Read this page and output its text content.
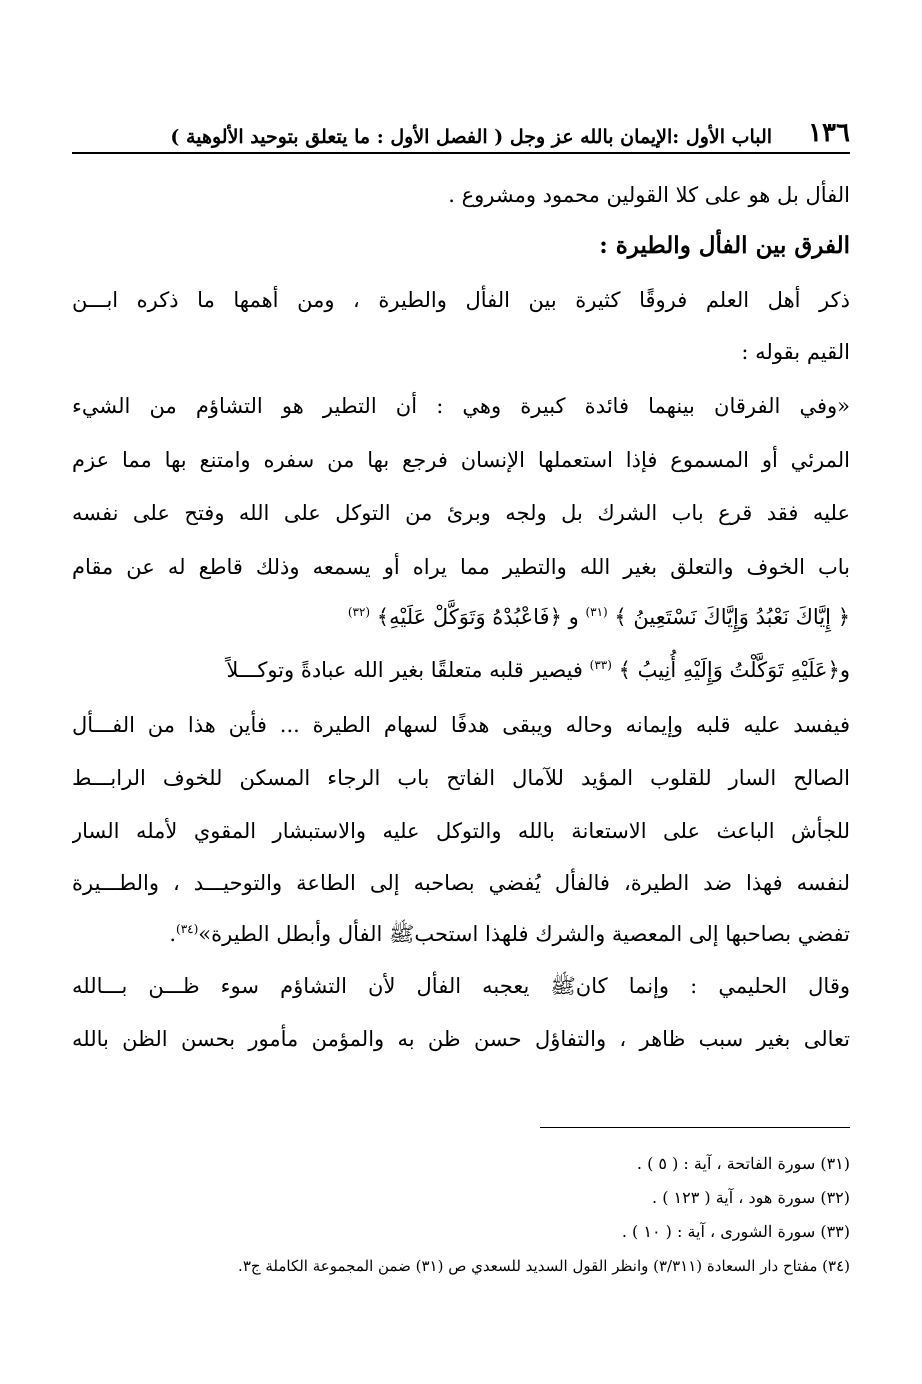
١٣٦
الباب الأول :الإيمان بالله عز وجل ( الفصل الأول : ما يتعلق بتوحيد الألوهية )
الفأل بل هو على كلا القولين محمود ومشروع .
الفرق بين الفأل والطيرة :
ذكر أهل العلم فروقًا كثيرة بين الفأل والطيرة ، ومن أهمها ما ذكره ابـــن
القيم بقوله :
«وفي الفرقان بينهما فائدة كبيرة وهي : أن التطير هو التشاؤم من الشيء
المرئي أو المسموع فإذا استعملها الإنسان فرجع بها من سفره وامتنع بها مما عزم
عليه فقد قرع باب الشرك بل ولجه وبرئ من التوكل على الله وفتح على نفسه
باب الخوف والتعلق بغير الله والتطير مما يراه أو يسمعه وذلك قاطع له عن مقام
﴿ إِيَّاكَ نَعْبُدُ وَإِيَّاكَ نَسْتَعِينُ ﴾ $^{(٣١)}$ و ﴿فَاعْبُدْهُ وَتَوَكَّلْ عَلَيْهِ﴾ $^{(٣٢)}$
و﴿عَلَيْهِ تَوَكَّلْتُ وَإِلَيْهِ أُنِيبُ ﴾ $^{(٣٣)}$ فيصير قلبه متعلقًا بغير الله عبادةً وتوكـــلاً
فيفسد عليه قلبه وإيمانه وحاله ويبقى هدفًا لسهام الطيرة ... فأين هذا من الفـــأل
الصالح السار للقلوب المؤيد للآمال الفاتح باب الرجاء المسكن للخوف الرابـــط
للجأش الباعث على الاستعانة بالله والتوكل عليه والاستبشار المقوي لأمله السار
لنفسه فهذا ضد الطيرة، فالفأل يُفضي بصاحبه إلى الطاعة والتوحيـــد ، والطـــيرة
تفضي بصاحبها إلى المعصية والشرك فلهذا استحبﷺ الفأل وأبطل الطيرة»$^{(٣٤)}$.
وقال الحليمي : وإنما كانﷺ يعجبه الفأل لأن التشاؤم سوء ظـــن بـــالله
تعالى بغير سبب ظاهر ، والتفاؤل حسن ظن به والمؤمن مأمور بحسن الظن بالله
(٣١) سورة الفاتحة ، آية : ( ٥ ) .
(٣٢) سورة هود ، آية ( ١٢٣ ) .
(٣٣) سورة الشورى ، آية : ( ١٠ ) .
(٣٤) مفتاح دار السعادة (٣/٣١١) وانظر القول السديد للسعدي ص (٣١) ضمن المجموعة الكاملة ج٣.
